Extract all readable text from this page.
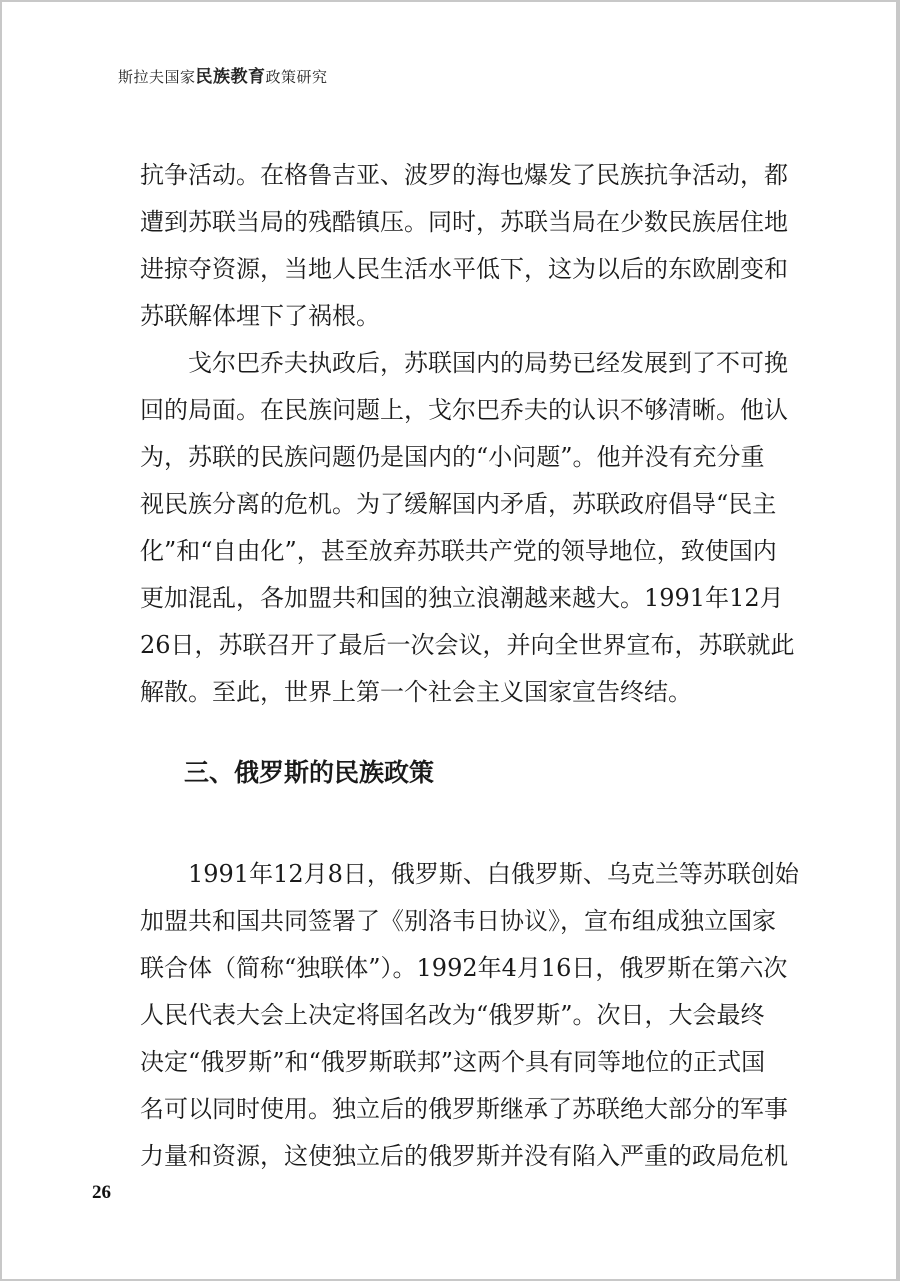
斯拉夫国家民族教育政策研究
抗争活动。在格鲁吉亚、波罗的海也爆发了民族抗争活动，都
遭到苏联当局的残酷镇压。同时，苏联当局在少数民族居住地
进掠夺资源，当地人民生活水平低下，这为以后的东欧剧变和
苏联解体埋下了祸根。
戈尔巴乔夫执政后，苏联国内的局势已经发展到了不可挽
回的局面。在民族问题上，戈尔巴乔夫的认识不够清晰。他认
为，苏联的民族问题仍是国内的“小问题”。他并没有充分重
视民族分离的危机。为了缓解国内矛盾，苏联政府倡导“民主
化”和“自由化”，甚至放弃苏联共产党的领导地位，致使国内
更加混乱，各加盟共和国的独立浪潮越来越大。1991年12月
26日，苏联召开了最后一次会议，并向全世界宣布，苏联就此
解散。至此，世界上第一个社会主义国家宣告终结。
三、俄罗斯的民族政策
1991年12月8日，俄罗斯、白俄罗斯、乌克兰等苏联创始
加盟共和国共同签署了《别洛韦日协议》，宣布组成独立国家
联合体（简称“独联体”）。1992年4月16日，俄罗斯在第六次
人民代表大会上决定将国名改为“俄罗斯”。次日，大会最终
决定“俄罗斯”和“俄罗斯联邦”这两个具有同等地位的正式国
名可以同时使用。独立后的俄罗斯继承了苏联绝大部分的军事
力量和资源，这使独立后的俄罗斯并没有陷入严重的政局危机
26
